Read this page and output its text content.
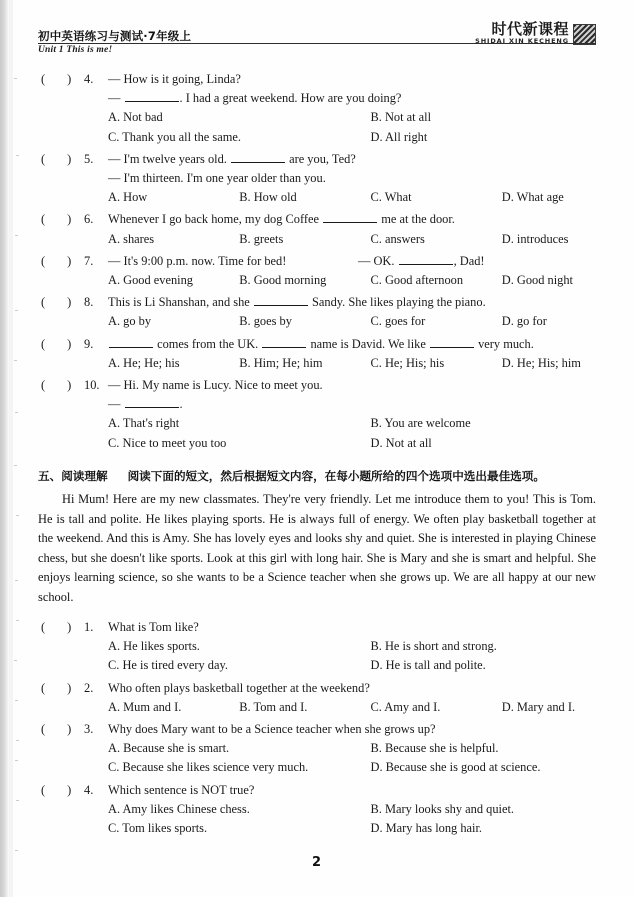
初中英语练习与测试·7年级上	时代新课程
SHIDAI XIN KECHENG
Unit 1 This is me!
( )	4.	— How is it going, Linda?
—	. I had a great weekend. How are you doing?
A. Not bad	B. Not at all
C. Thank you all the same.	D. All right
( )	5.	— I'm twelve years old.	are you, Ted?
— I'm thirteen. I'm one year older than you.
A. How	B. How old	C. What	D. What age
( )	6.	Whenever I go back home, my dog Coffee	me at the door.
A. shares	B. greets	C. answers	D. introduces
( )	7.	— It's 9:00 p.m. now. Time for bed!	— OK.	, Dad!
A. Good evening	B. Good morning	C. Good afternoon	D. Good night
( )	8.	This is Li Shanshan, and she	Sandy. She likes playing the piano.
A. go by	B. goes by	C. goes for	D. go for
( )	9.	comes from the UK.	name is David. We like	very much.
A. He; He; his	B. Him; He; him	C. He; His; his	D. He; His; him
( )	10. — Hi. My name is Lucy. Nice to meet you.
—	.
A. That's right	B. You are welcome
C. Nice to meet you too	D. Not at all
五、阅读理解 阅读下面的短文，然后根据短文内容，在每小题所给的四个选项中选出最佳选项。
Hi Mum! Here are my new classmates. They're very friendly. Let me introduce them to you! This is Tom. He is tall and polite. He likes playing sports. He is always full of energy. We often play basketball together at the weekend. And this is Amy. She has lovely eyes and looks shy and quiet. She is interested in playing Chinese chess, but she doesn't like sports. Look at this girl with long hair. She is Mary and she is smart and helpful. She enjoys learning science, so she wants to be a Science teacher when she grows up. We are all happy at our new school.
( )	1.	What is Tom like?
A. He likes sports.	B. He is short and strong.
C. He is tired every day.	D. He is tall and polite.
( )	2.	Who often plays basketball together at the weekend?
A. Mum and I.	B. Tom and I.	C. Amy and I.	D. Mary and I.
( )	3.	Why does Mary want to be a Science teacher when she grows up?
A. Because she is smart.	B. Because she is helpful.
C. Because she likes science very much.	D. Because she is good at science.
( )	4.	Which sentence is NOT true?
A. Amy likes Chinese chess.	B. Mary looks shy and quiet.
C. Tom likes sports.	D. Mary has long hair.
2
